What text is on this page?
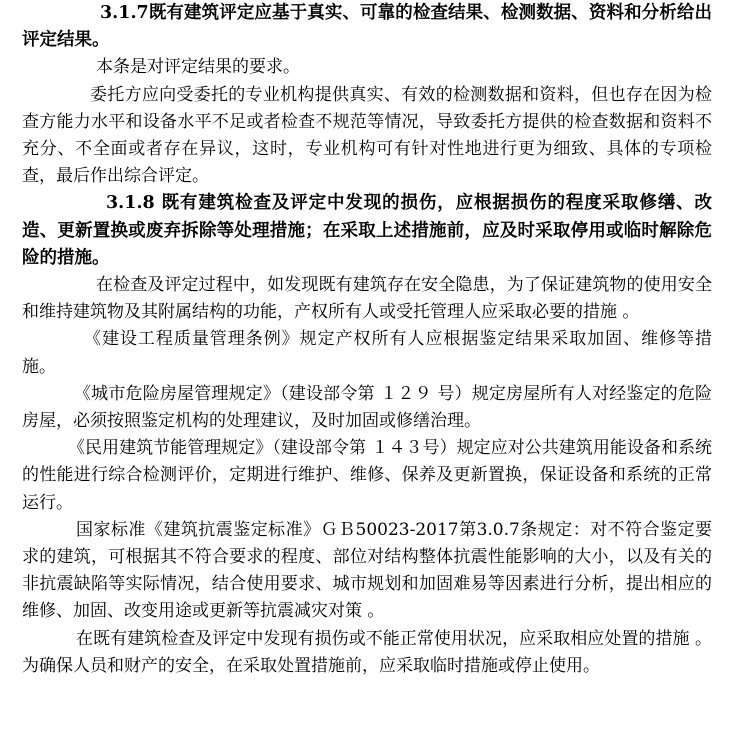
3.1.7既有建筑评定应基于真实、可靠的检查结果、检测数据、资料和分析给出评定结果。

本条是对评定结果的要求。

委托方应向受委托的专业机构提供真实、有效的检测数据和资料，但也存在因为检查方能力水平和设备水平不足或者检查不规范等情况，导致委托方提供的检查数据和资料不充分、不全面或者存在异议，这时，专业机构可有针对性地进行更为细致、具体的专项检查，最后作出综合评定。

3.1.8 既有建筑检查及评定中发现的损伤，应根据损伤的程度采取修缮、改造、更新置换或废弃拆除等处理措施；在采取上述措施前，应及时采取停用或临时解除危险的措施。

在检查及评定过程中，如发现既有建筑存在安全隐患，为了保证建筑物的使用安全和维持建筑物及其附属结构的功能，产权所有人或受托管理人应采取必要的措施 。

《建设工程质量管理条例》规定产权所有人应根据鉴定结果采取加固、维修等措施。

《城市危险房屋管理规定》（建设部令第 １２９ 号）规定房屋所有人对经鉴定的危险房屋，必须按照鉴定机构的处理建议，及时加固或修缮治理。

《民用建筑节能管理规定》（建设部令第 １４３号）规定应对公共建筑用能设备和系统的性能进行综合检测评价，定期进行维护、维修、保养及更新置换，保证设备和系统的正常运行。

国家标准《建筑抗震鉴定标准》ＧＢ50023-2017第3.0.7条规定：对不符合鉴定要求的建筑，可根据其不符合要求的程度、部位对结构整体抗震性能影响的大小，以及有关的非抗震缺陷等实际情况，结合使用要求、城市规划和加固难易等因素进行分析，提出相应的维修、加固、改变用途或更新等抗震减灾对策 。

在既有建筑检查及评定中发现有损伤或不能正常使用状况，应采取相应处置的措施 。为确保人员和财产的安全，在采取处置措施前，应采取临时措施或停止使用。
